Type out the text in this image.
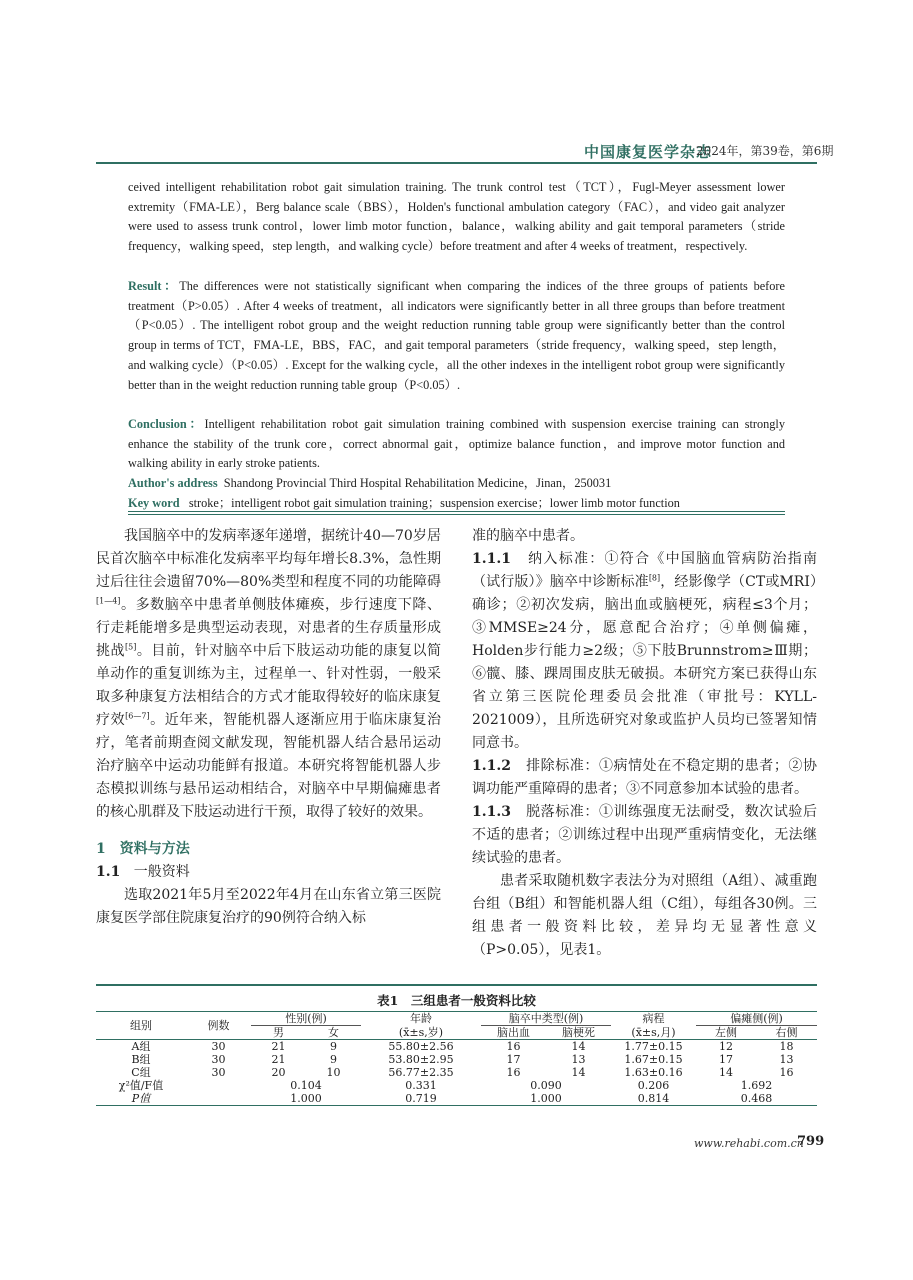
中国康复医学杂志
2024年，第39卷，第6期
ceived intelligent rehabilitation robot gait simulation training. The trunk control test（TCT），Fugl-Meyer assessment lower extremity（FMA-LE），Berg balance scale（BBS），Holden's functional ambulation category（FAC），and video gait analyzer were used to assess trunk control，lower limb motor function，balance，walking ability and gait temporal parameters（stride frequency，walking speed，step length，and walking cycle）before treatment and after 4 weeks of treatment，respectively.
Result：The differences were not statistically significant when comparing the indices of the three groups of patients before treatment（P>0.05）. After 4 weeks of treatment，all indicators were significantly better in all three groups than before treatment（P<0.05）. The intelligent robot group and the weight reduction running table group were significantly better than the control group in terms of TCT，FMA-LE，BBS，FAC，and gait temporal parameters（stride frequency，walking speed，step length，and walking cycle）（P<0.05）. Except for the walking cycle，all the other indexes in the intelligent robot group were significantly better than in the weight reduction running table group（P<0.05）.
Conclusion：Intelligent rehabilitation robot gait simulation training combined with suspension exercise training can strongly enhance the stability of the trunk core，correct abnormal gait，optimize balance function，and improve motor function and walking ability in early stroke patients.
Author's address Shandong Provincial Third Hospital Rehabilitation Medicine，Jinan，250031
Key word stroke；intelligent robot gait simulation training；suspension exercise；lower limb motor function

我国脑卒中的发病率逐年递增，据统计40—70岁居民首次脑卒中标准化发病率平均每年增长8.3%，急性期过后往往会遗留70%—80%类型和程度不同的功能障碍[1—4]。多数脑卒中患者单侧肢体瘫痪，步行速度下降、行走耗能增多是典型运动表现，对患者的生存质量形成挑战[5]。目前，针对脑卒中后下肢运动功能的康复以简单动作的重复训练为主，过程单一、针对性弱，一般采取多种康复方法相结合的方式才能取得较好的临床康复疗效[6—7]。近年来，智能机器人逐渐应用于临床康复治疗，笔者前期查阅文献发现，智能机器人结合悬吊运动治疗脑卒中运动功能鲜有报道。本研究将智能机器人步态模拟训练与悬吊运动相结合，对脑卒中早期偏瘫患者的核心肌群及下肢运动进行干预，取得了较好的效果。

1　资料与方法
1.1 一般资料

选取2021年5月至2022年4月在山东省立第三医院康复医学部住院康复治疗的90例符合纳入标

准的脑卒中患者。

1.1.1 纳入标准：①符合《中国脑血管病防治指南（试行版）》脑卒中诊断标准[8]，经影像学（CT或MRI）确诊；②初次发病，脑出血或脑梗死，病程≤3个月；③MMSE≥24分，愿意配合治疗；④单侧偏瘫，Holden步行能力≥2级；⑤下肢Brunnstrom≥Ⅲ期；⑥髋、膝、踝周围皮肤无破损。本研究方案已获得山东省立第三医院伦理委员会批准（审批号：KYLL-2021009），且所选研究对象或监护人员均已签署知情同意书。

1.1.2 排除标准：①病情处在不稳定期的患者；②协调功能严重障碍的患者；③不同意参加本试验的患者。

1.1.3 脱落标准：①训练强度无法耐受，数次试验后不适的患者；②训练过程中出现严重病情变化，无法继续试验的患者。

患者采取随机数字表法分为对照组（A组）、减重跑台组（B组）和智能机器人组（C组），每组各30例。三组患者一般资料比较，差异均无显著性意义（P>0.05），见表1。

表1　三组患者一般资料比较
组别	例数	性别(例)		年龄	脑卒中类型(例)		病程	偏瘫侧(例)	
		男	女	(x̄±s,岁)	脑出血	脑梗死	(x̄±s,月)	左侧	右侧
A组	30	21	9	55.80±2.56	16	14	1.77±0.15	12	18
B组	30	21	9	53.80±2.95	17	13	1.67±0.15	17	13
C组	30	20	10	56.77±2.35	16	14	1.63±0.16	14	16
χ²值/F值		0.104		0.331	0.090		0.206	1.692	
P值		1.000		0.719	1.000		0.814	0.468	
www.rehabi.com.cn
799
